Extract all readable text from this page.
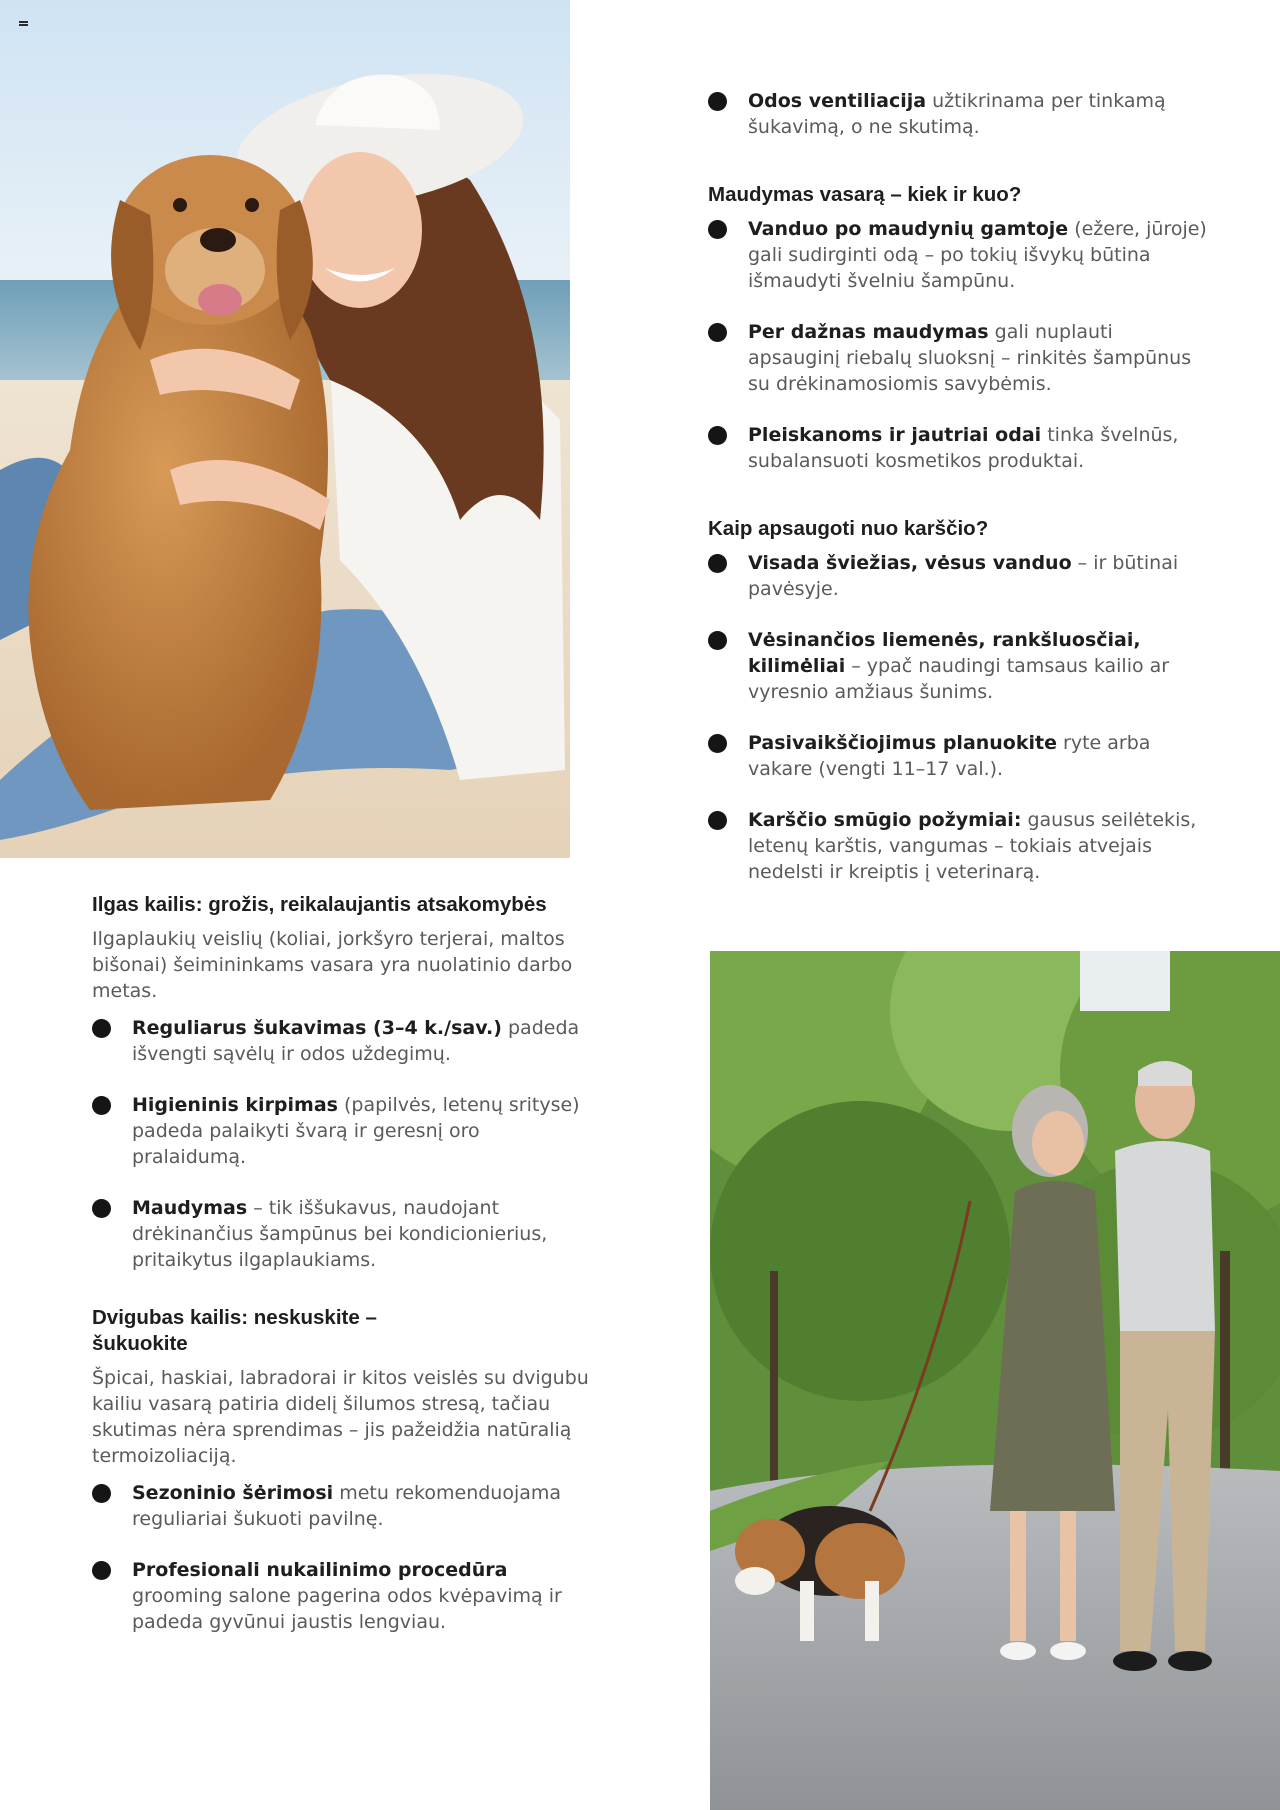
Ilgas kailis: grožis, reikalaujantis atsakomybės

Ilgaplaukių veislių (koliai, jorkšyro terjerai, maltos bišonai) šeimininkams vasara yra nuolatinio darbo metas.

Reguliarus šukavimas (3–4 k./sav.) padeda išvengti sąvėlų ir odos uždegimų.
Higieninis kirpimas (papilvės, letenų srityse) padeda palaikyti švarą ir geresnį oro pralaidumą.
Maudymas – tik iššukavus, naudojant drėkinančius šampūnus bei kondicionierius, pritaikytus ilgaplaukiams.
Dvigubas kailis: neskuskite – šukuokite

Špicai, haskiai, labradorai ir kitos veislės su dvigubu kailiu vasarą patiria didelį šilumos stresą, tačiau skutimas nėra sprendimas – jis pažeidžia natūralią termoizoliaciją.

Sezoninio šėrimosi metu rekomenduojama reguliariai šukuoti pavilnę.
Profesionali nukailinimo procedūra grooming salone pagerina odos kvėpavimą ir padeda gyvūnui jaustis lengviau.
Odos ventiliacija užtikrinama per tinkamą šukavimą, o ne skutimą.
Maudymas vasarą – kiek ir kuo?
Vanduo po maudynių gamtoje (ežere, jūroje) gali sudirginti odą – po tokių išvykų būtina išmaudyti švelniu šampūnu.
Per dažnas maudymas gali nuplauti apsauginį riebalų sluoksnį – rinkitės šampūnus su drėkinamosiomis savybėmis.
Pleiskanoms ir jautriai odai tinka švelnūs, subalansuoti kosmetikos produktai.
Kaip apsaugoti nuo karščio?
Visada šviežias, vėsus vanduo – ir būtinai pavėsyje.
Vėsinančios liemenės, rankšluosčiai, kilimėliai – ypač naudingi tamsaus kailio ar vyresnio amžiaus šunims.
Pasivaikščiojimus planuokite ryte arba vakare (vengti 11–17 val.).
Karščio smūgio požymiai: gausus seilėtekis, letenų karštis, vangumas – tokiais atvejais nedelsti ir kreiptis į veterinarą.
